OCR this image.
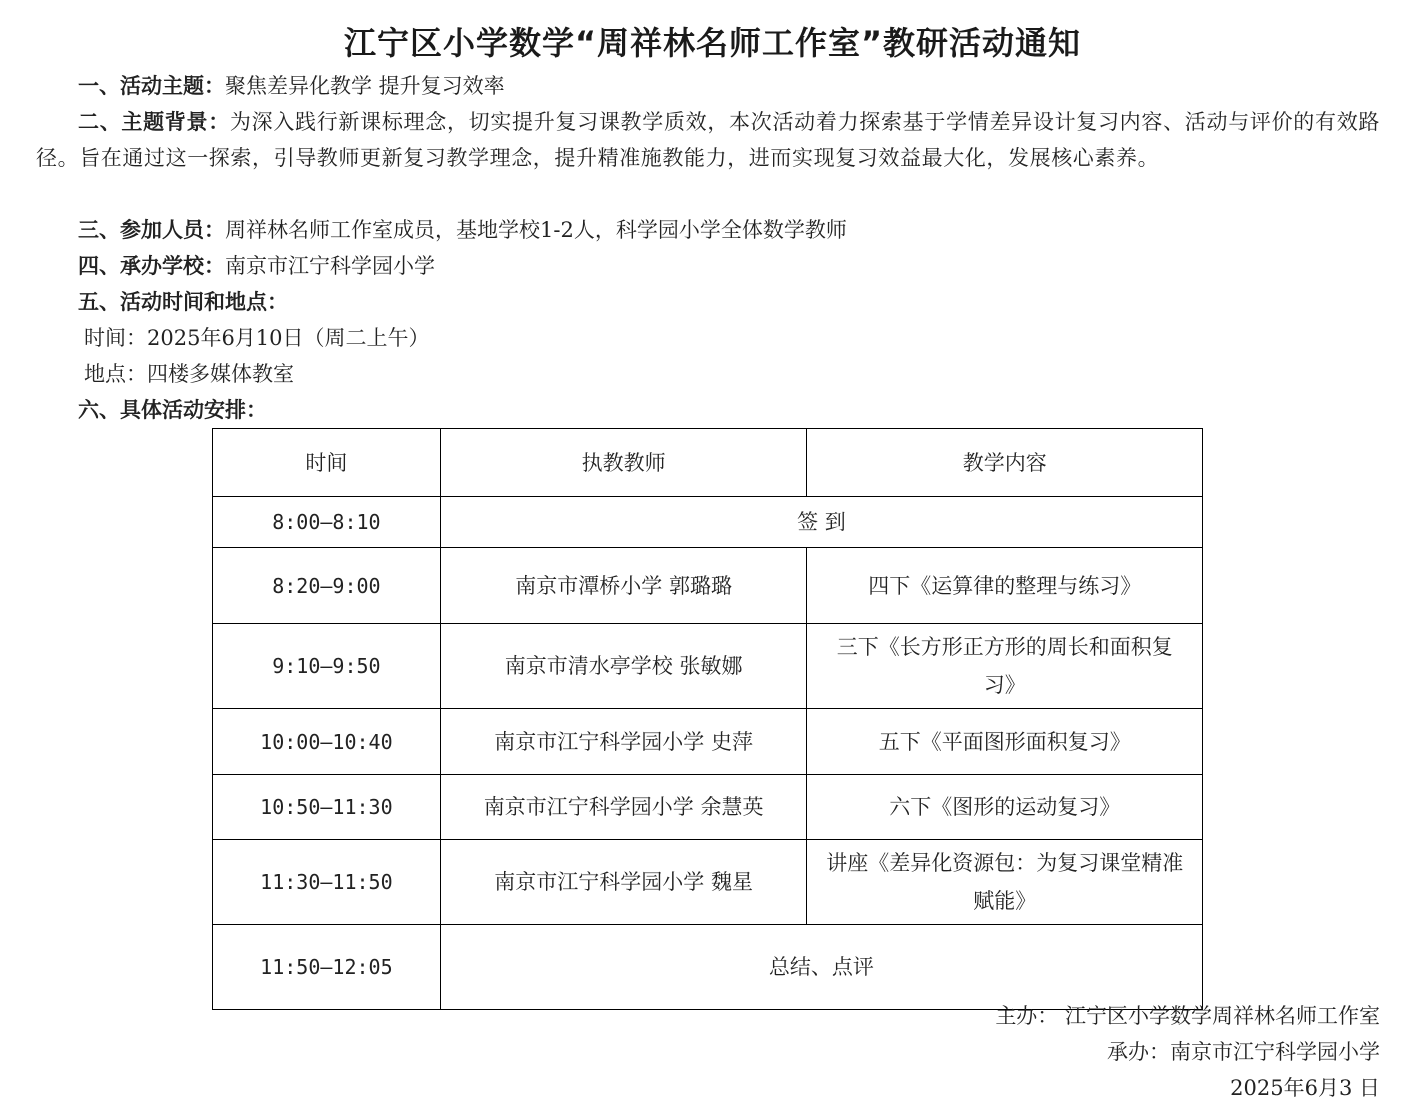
江宁区小学数学“周祥林名师工作室”教研活动通知
一、活动主题：聚焦差异化教学 提升复习效率
二、主题背景：为深入践行新课标理念，切实提升复习课教学质效，本次活动着力探索基于学情差异设计复习内容、活动与评价的有效路径。旨在通过这一探索，引导教师更新复习教学理念，提升精准施教能力，进而实现复习效益最大化，发展核心素养。
三、参加人员：周祥林名师工作室成员，基地学校1-2人，科学园小学全体数学教师
四、承办学校：南京市江宁科学园小学
五、活动时间和地点：
时间：2025年6月10日（周二上午）
地点：四楼多媒体教室
六、具体活动安排：
时间	执教教师	教学内容
8:00—8:10	签 到	
8:20—9:00	南京市潭桥小学 郭璐璐	四下《运算律的整理与练习》
9:10—9:50	南京市清水亭学校 张敏娜	三下《长方形正方形的周长和面积复习》
10:00—10:40	南京市江宁科学园小学 史萍	五下《平面图形面积复习》
10:50—11:30	南京市江宁科学园小学 余慧英	六下《图形的运动复习》
11:30—11:50	南京市江宁科学园小学 魏星	讲座《差异化资源包：为复习课堂精准赋能》
11:50—12:05	总结、点评	
主办： 江宁区小学数学周祥林名师工作室
承办：南京市江宁科学园小学
2025年6月3 日
